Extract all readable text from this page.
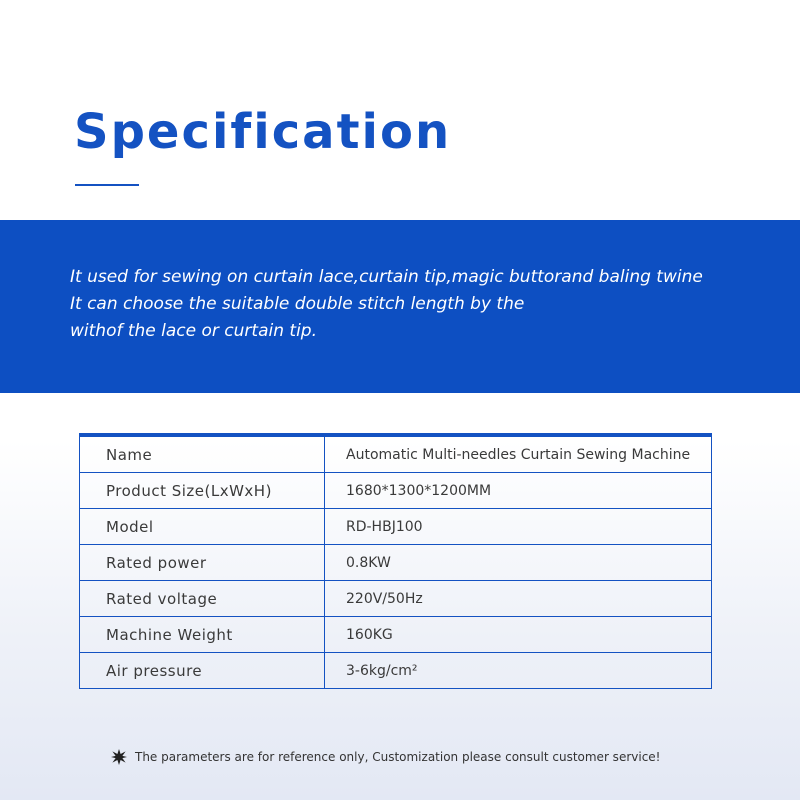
Specification
It used for sewing on curtain lace,curtain tip,magic buttorand baling twine
It can choose the suitable double stitch length by the
withof the lace or curtain tip.
Name	Automatic Multi-needles Curtain Sewing Machine
Product Size(LxWxH)	1680*1300*1200MM
Model	RD-HBJ100
Rated power	0.8KW
Rated voltage	220V/50Hz
Machine Weight	160KG
Air pressure	3-6kg/cm²
The parameters are for reference only, Customization please consult customer service!
